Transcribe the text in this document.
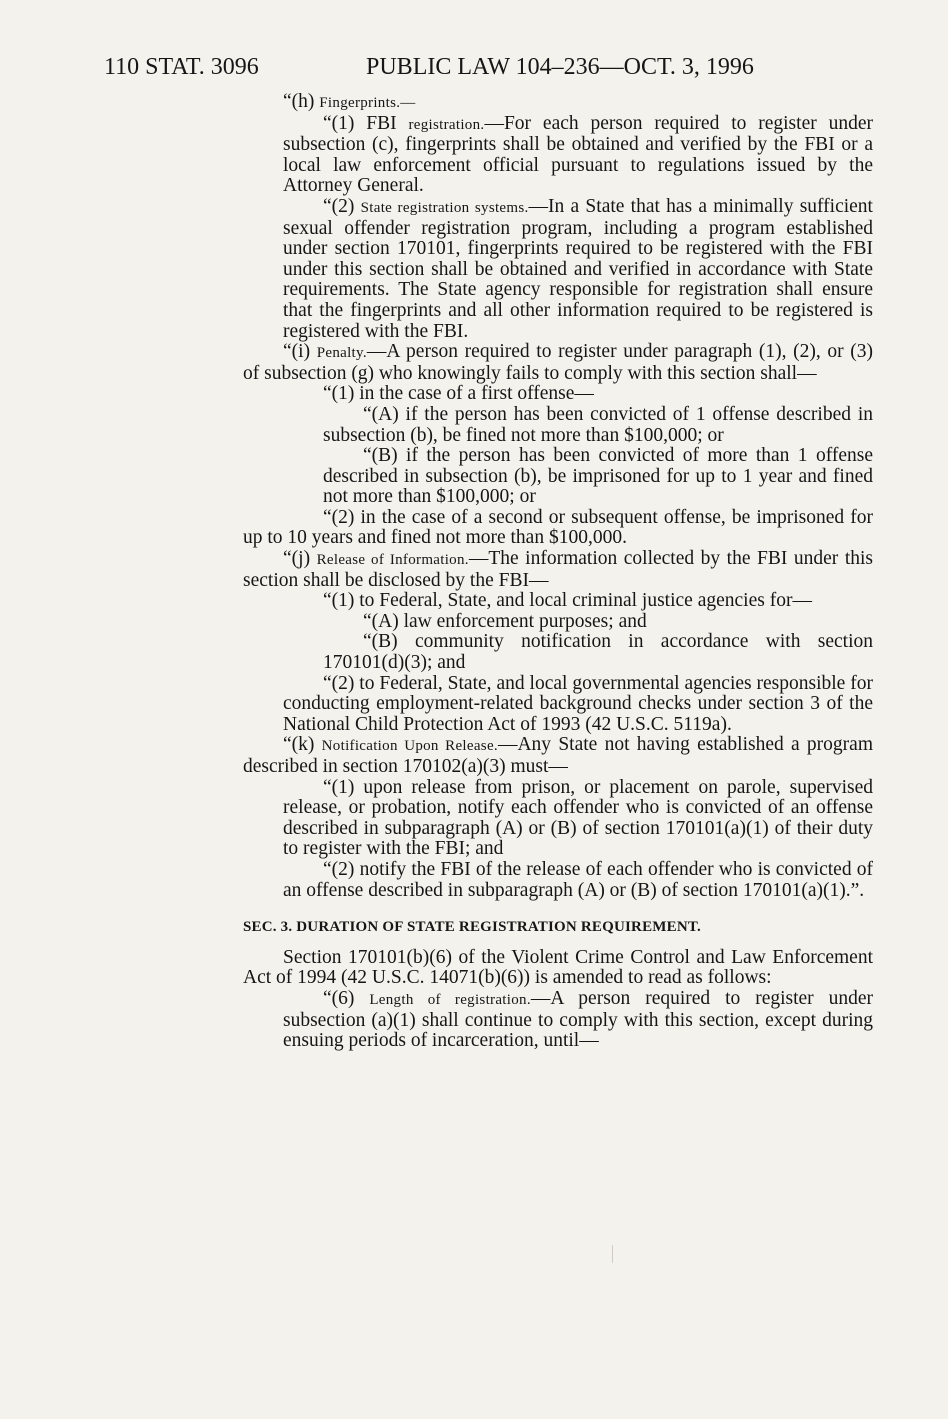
110 STAT. 3096	PUBLIC LAW 104–236—OCT. 3, 1996

“(h) Fingerprints.—

“(1) FBI registration.—For each person required to register under subsection (c), fingerprints shall be obtained and verified by the FBI or a local law enforcement official pursuant to regulations issued by the Attorney General.

“(2) State registration systems.—In a State that has a minimally sufficient sexual offender registration program, including a program established under section 170101, fingerprints required to be registered with the FBI under this section shall be obtained and verified in accordance with State requirements. The State agency responsible for registration shall ensure that the fingerprints and all other information required to be registered is registered with the FBI.

“(i) Penalty.—A person required to register under paragraph (1), (2), or (3) of subsection (g) who knowingly fails to comply with this section shall—

“(1) in the case of a first offense—

“(A) if the person has been convicted of 1 offense described in subsection (b), be fined not more than $100,000; or

“(B) if the person has been convicted of more than 1 offense described in subsection (b), be imprisoned for up to 1 year and fined not more than $100,000; or

“(2) in the case of a second or subsequent offense, be imprisoned for up to 10 years and fined not more than $100,000.

“(j) Release of Information.—The information collected by the FBI under this section shall be disclosed by the FBI—

“(1) to Federal, State, and local criminal justice agencies for—

“(A) law enforcement purposes; and

“(B) community notification in accordance with section 170101(d)(3); and

“(2) to Federal, State, and local governmental agencies responsible for conducting employment-related background checks under section 3 of the National Child Protection Act of 1993 (42 U.S.C. 5119a).

“(k) Notification Upon Release.—Any State not having established a program described in section 170102(a)(3) must—

“(1) upon release from prison, or placement on parole, supervised release, or probation, notify each offender who is convicted of an offense described in subparagraph (A) or (B) of section 170101(a)(1) of their duty to register with the FBI; and

“(2) notify the FBI of the release of each offender who is convicted of an offense described in subparagraph (A) or (B) of section 170101(a)(1).”.

SEC. 3. DURATION OF STATE REGISTRATION REQUIREMENT.

Section 170101(b)(6) of the Violent Crime Control and Law Enforcement Act of 1994 (42 U.S.C. 14071(b)(6)) is amended to read as follows:

“(6) Length of registration.—A person required to register under subsection (a)(1) shall continue to comply with this section, except during ensuing periods of incarceration, until—
